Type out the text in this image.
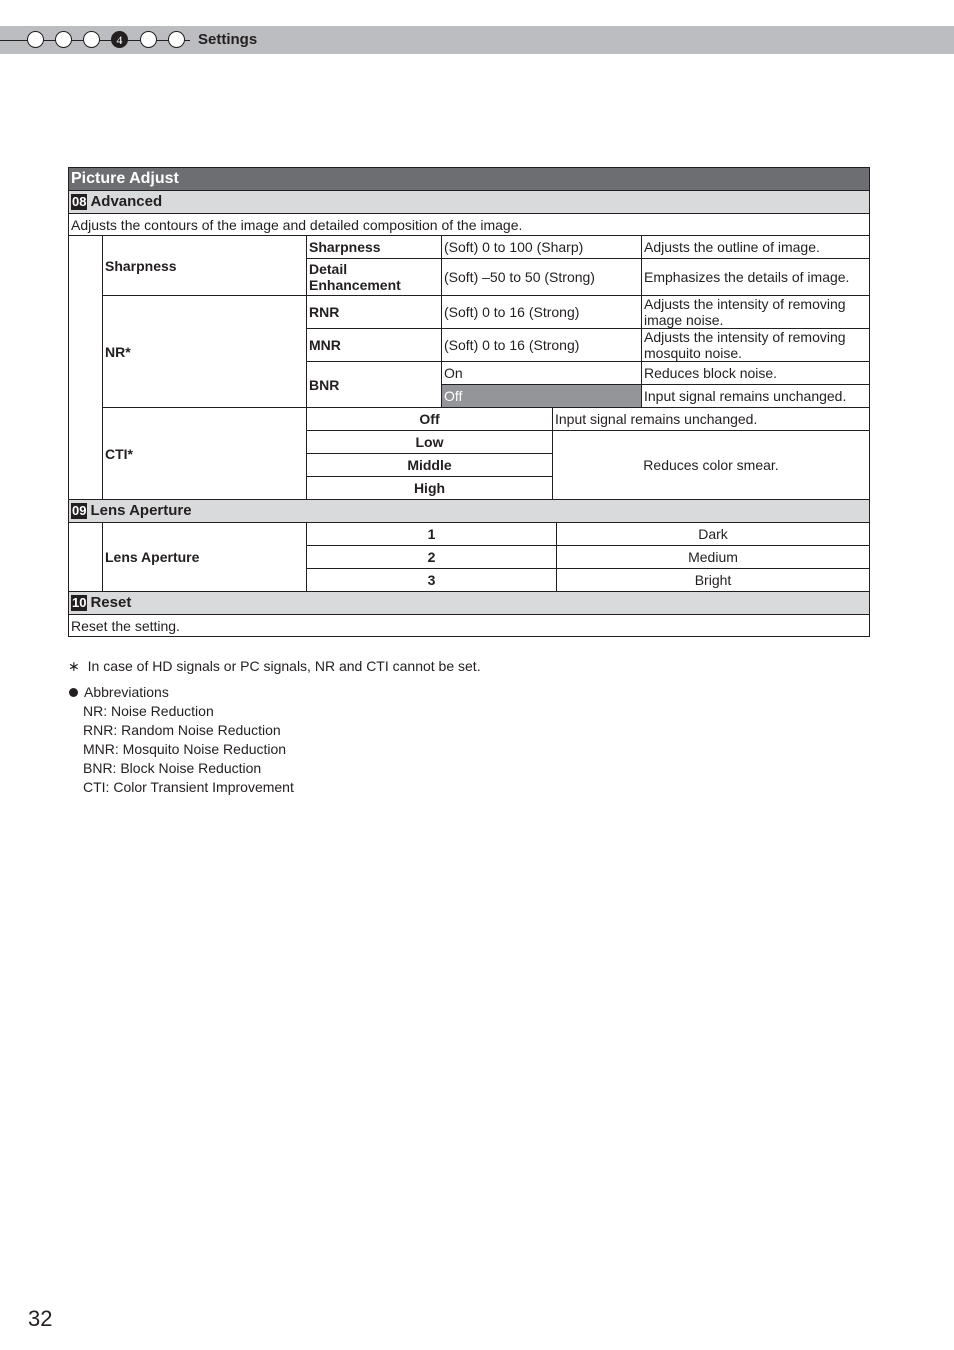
4	Settings
Picture Adjust						
08 Advanced						
Adjusts the contours of the image and detailed composition of the image.						
	Sharpness	Sharpness	(Soft) 0 to 100 (Sharp)			Adjusts the outline of image.
		Detail Enhancement	(Soft) –50 to 50 (Strong)			Emphasizes the details of image.
	NR*	RNR	(Soft) 0 to 16 (Strong)			Adjusts the intensity of removing image noise.
		MNR	(Soft) 0 to 16 (Strong)			Adjusts the intensity of removing mosquito noise.
		BNR	On			Reduces block noise.
			Off			Input signal remains unchanged.
	CTI*	Off		Input signal remains unchanged.		
		Low		Reduces color smear.		
		Middle				
		High				
09 Lens Aperture						
	Lens Aperture	1			Dark	
		2			Medium	
		3			Bright	
10 Reset						
Reset the setting.						
∗ In case of HD signals or PC signals, NR and CTI cannot be set.
Abbreviations
NR: Noise Reduction
RNR: Random Noise Reduction
MNR: Mosquito Noise Reduction
BNR: Block Noise Reduction
CTI: Color Transient Improvement
32
